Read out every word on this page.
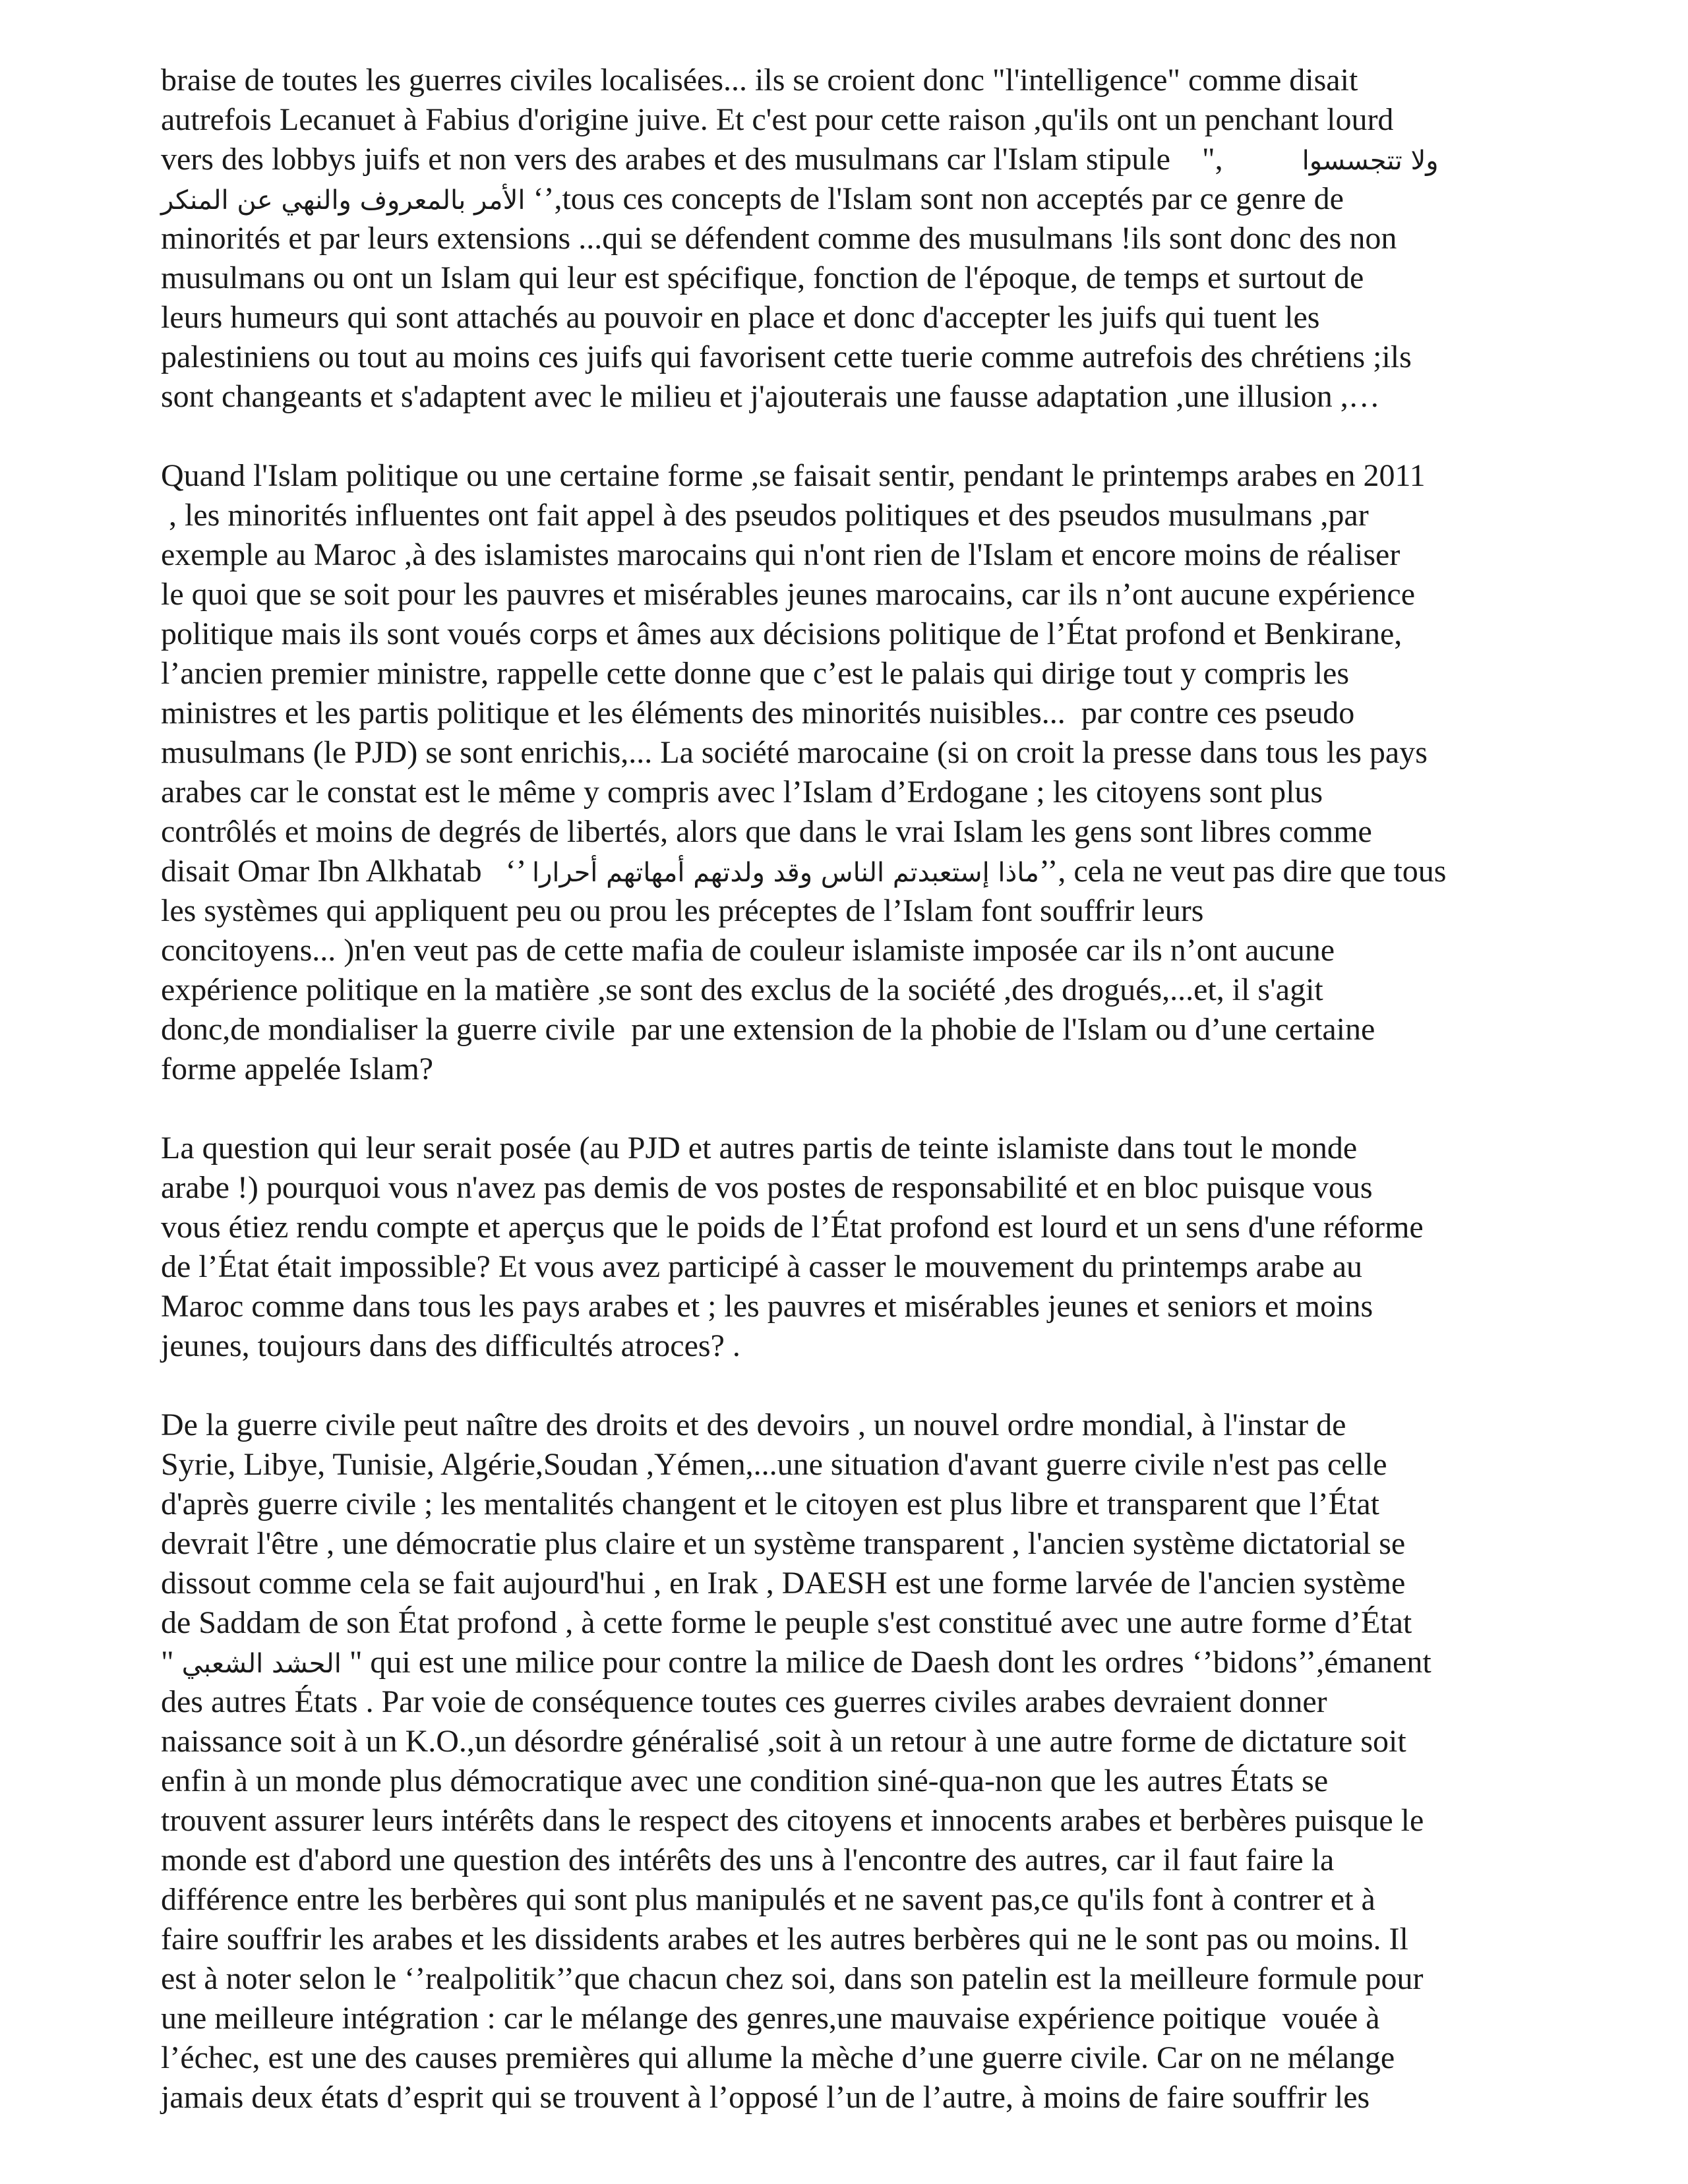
braise de toutes les guerres civiles localisées... ils se croient donc "l'intelligence" comme disait
autrefois Lecanuet à Fabius d'origine juive. Et c'est pour cette raison ,qu'ils ont un penchant lourd
vers des lobbys juifs et non vers des arabes et des musulmans car l'Islam stipule    ",	ولا تتجسسوا
الأمر بالمعروف والنهي عن المنكر ‘’,tous ces concepts de l'Islam sont non acceptés par ce genre de
minorités et par leurs extensions ...qui se défendent comme des musulmans !ils sont donc des non
musulmans ou ont un Islam qui leur est spécifique, fonction de l'époque, de temps et surtout de
leurs humeurs qui sont attachés au pouvoir en place et donc d'accepter les juifs qui tuent les
palestiniens ou tout au moins ces juifs qui favorisent cette tuerie comme autrefois des chrétiens ;ils
sont changeants et s'adaptent avec le milieu et j'ajouterais une fausse adaptation ,une illusion ,…
Quand l'Islam politique ou une certaine forme ,se faisait sentir, pendant le printemps arabes en 2011
, les minorités influentes ont fait appel à des pseudos politiques et des pseudos musulmans ,par
exemple au Maroc ,à des islamistes marocains qui n'ont rien de l'Islam et encore moins de réaliser
le quoi que se soit pour les pauvres et misérables jeunes marocains, car ils n’ont aucune expérience
politique mais ils sont voués corps et âmes aux décisions politique de l’État profond et Benkirane,
l’ancien premier ministre, rappelle cette donne que c’est le palais qui dirige tout y compris les
ministres et les partis politique et les éléments des minorités nuisibles...  par contre ces pseudo
musulmans (le PJD) se sont enrichis,... La société marocaine (si on croit la presse dans tous les pays
arabes car le constat est le même y compris avec l’Islam d’Erdogane ; les citoyens sont plus
contrôlés et moins de degrés de libertés, alors que dans le vrai Islam les gens sont libres comme
disait Omar Ibn Alkhatab   ‘’ ماذا إستعبدتم الناس وقد ولدتهم أمهاتهم أحرارا’’, cela ne veut pas dire que tous
les systèmes qui appliquent peu ou prou les préceptes de l’Islam font souffrir leurs
concitoyens... )n'en veut pas de cette mafia de couleur islamiste imposée car ils n’ont aucune
expérience politique en la matière ,se sont des exclus de la société ,des drogués,...et, il s'agit
donc,de mondialiser la guerre civile  par une extension de la phobie de l'Islam ou d’une certaine
forme appelée Islam?
La question qui leur serait posée (au PJD et autres partis de teinte islamiste dans tout le monde
arabe !) pourquoi vous n'avez pas demis de vos postes de responsabilité et en bloc puisque vous
vous étiez rendu compte et aperçus que le poids de l’État profond est lourd et un sens d'une réforme
de l’État était impossible? Et vous avez participé à casser le mouvement du printemps arabe au
Maroc comme dans tous les pays arabes et ; les pauvres et misérables jeunes et seniors et moins
jeunes, toujours dans des difficultés atroces? .
De la guerre civile peut naître des droits et des devoirs , un nouvel ordre mondial, à l'instar de
Syrie, Libye, Tunisie, Algérie,Soudan ,Yémen,...une situation d'avant guerre civile n'est pas celle
d'après guerre civile ; les mentalités changent et le citoyen est plus libre et transparent que l’État
devrait l'être , une démocratie plus claire et un système transparent , l'ancien système dictatorial se
dissout comme cela se fait aujourd'hui , en Irak , DAESH est une forme larvée de l'ancien système
de Saddam de son État profond , à cette forme le peuple s'est constitué avec une autre forme d’État
" الحشد الشعبي " qui est une milice pour contre la milice de Daesh dont les ordres ‘’bidons’’,émanent
des autres États . Par voie de conséquence toutes ces guerres civiles arabes devraient donner
naissance soit à un K.O.,un désordre généralisé ,soit à un retour à une autre forme de dictature soit
enfin à un monde plus démocratique avec une condition siné-qua-non que les autres États se
trouvent assurer leurs intérêts dans le respect des citoyens et innocents arabes et berbères puisque le
monde est d'abord une question des intérêts des uns à l'encontre des autres, car il faut faire la
différence entre les berbères qui sont plus manipulés et ne savent pas,ce qu'ils font à contrer et à
faire souffrir les arabes et les dissidents arabes et les autres berbères qui ne le sont pas ou moins. Il
est à noter selon le ‘’realpolitik’’que chacun chez soi, dans son patelin est la meilleure formule pour
une meilleure intégration : car le mélange des genres,une mauvaise expérience poitique  vouée à
l’échec, est une des causes premières qui allume la mèche d’une guerre civile. Car on ne mélange
jamais deux états d’esprit qui se trouvent à l’opposé l’un de l’autre, à moins de faire souffrir les
